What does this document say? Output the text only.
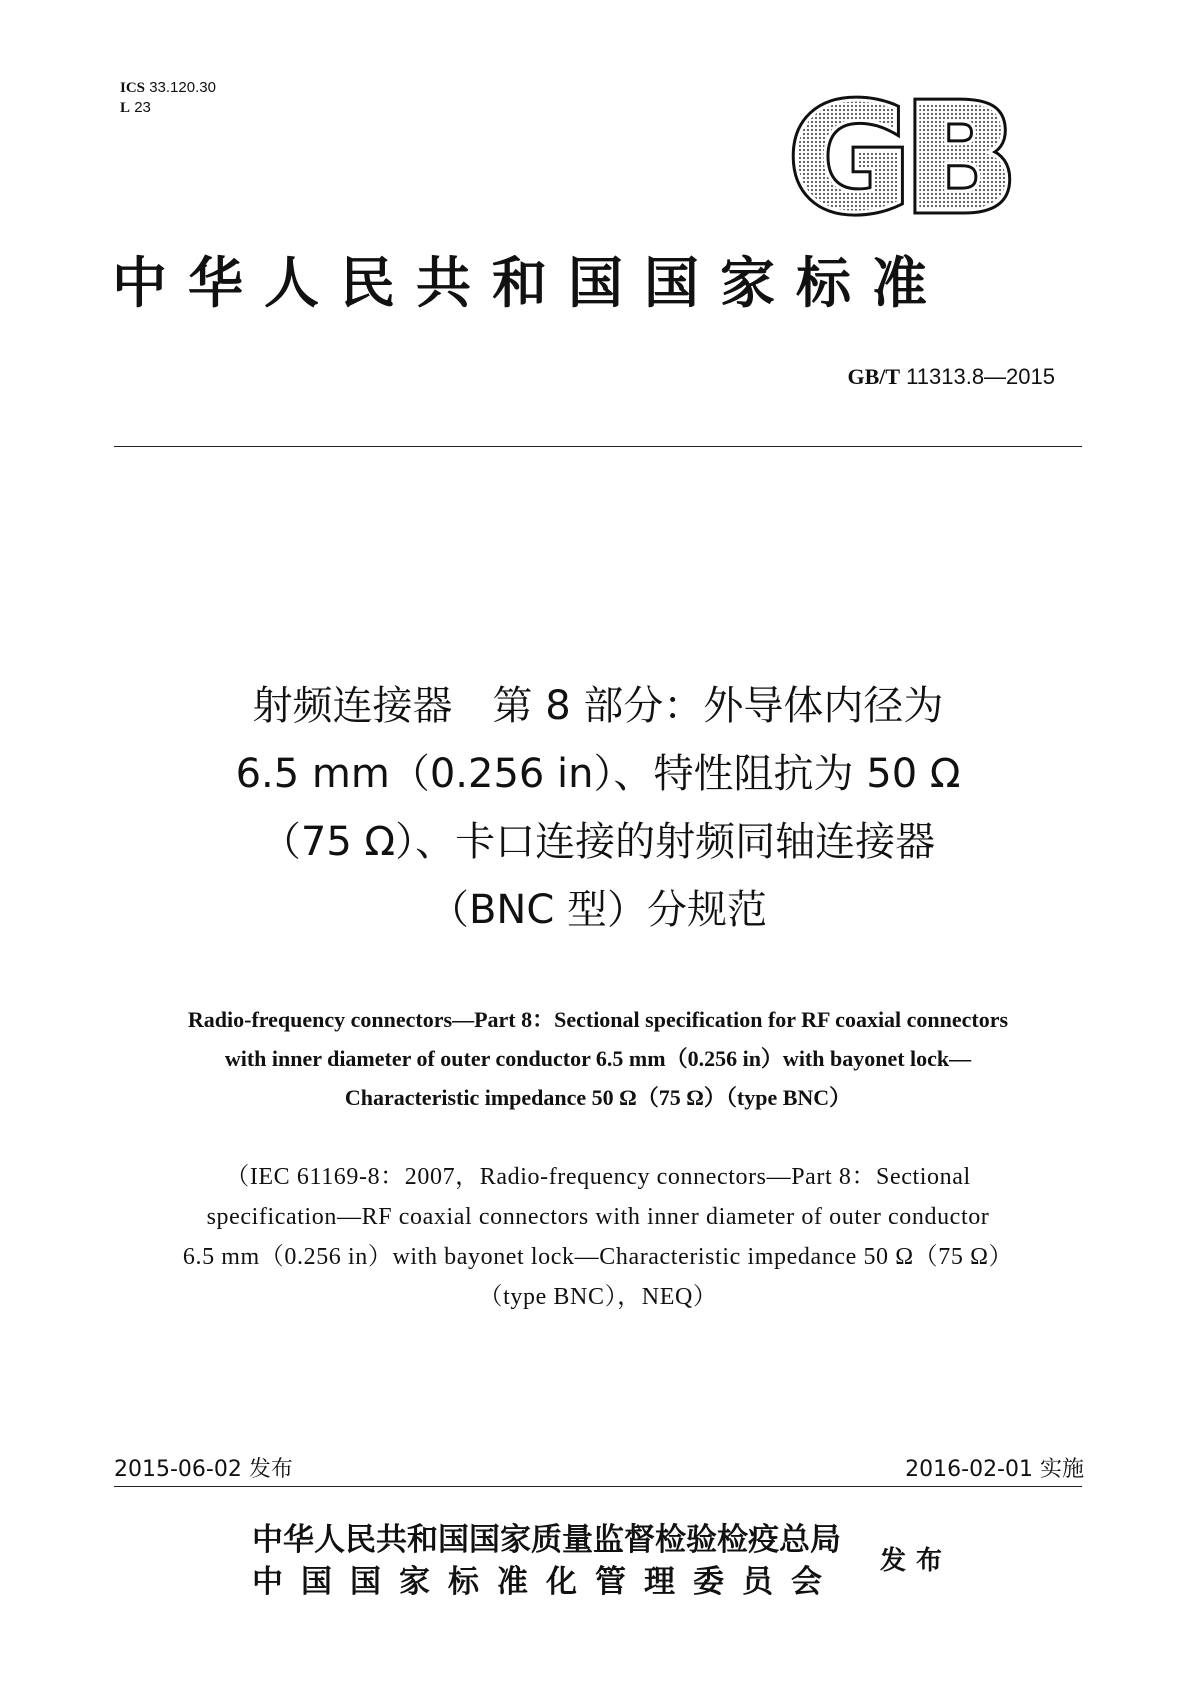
ICS 33.120.30
L 23
中华人民共和国国家标准
GB/T 11313.8—2015
射频连接器　第 8 部分：外导体内径为
6.5 mm（0.256 in）、特性阻抗为 50 Ω
（75 Ω）、卡口连接的射频同轴连接器
（BNC 型）分规范
Radio-frequency connectors—Part 8：Sectional specification for RF coaxial connectors
with inner diameter of outer conductor 6.5 mm（0.256 in）with bayonet lock—
Characteristic impedance 50 Ω（75 Ω）（type BNC）
（IEC 61169-8：2007，Radio-frequency connectors—Part 8：Sectional
specification—RF coaxial connectors with inner diameter of outer conductor
6.5 mm（0.256 in）with bayonet lock—Characteristic impedance 50 Ω（75 Ω）
（type BNC），NEQ）
2015-06-02 发布	2016-02-01 实施
中华人民共和国国家质量监督检验检疫总局
中国国家标准化管理委员会
发布
